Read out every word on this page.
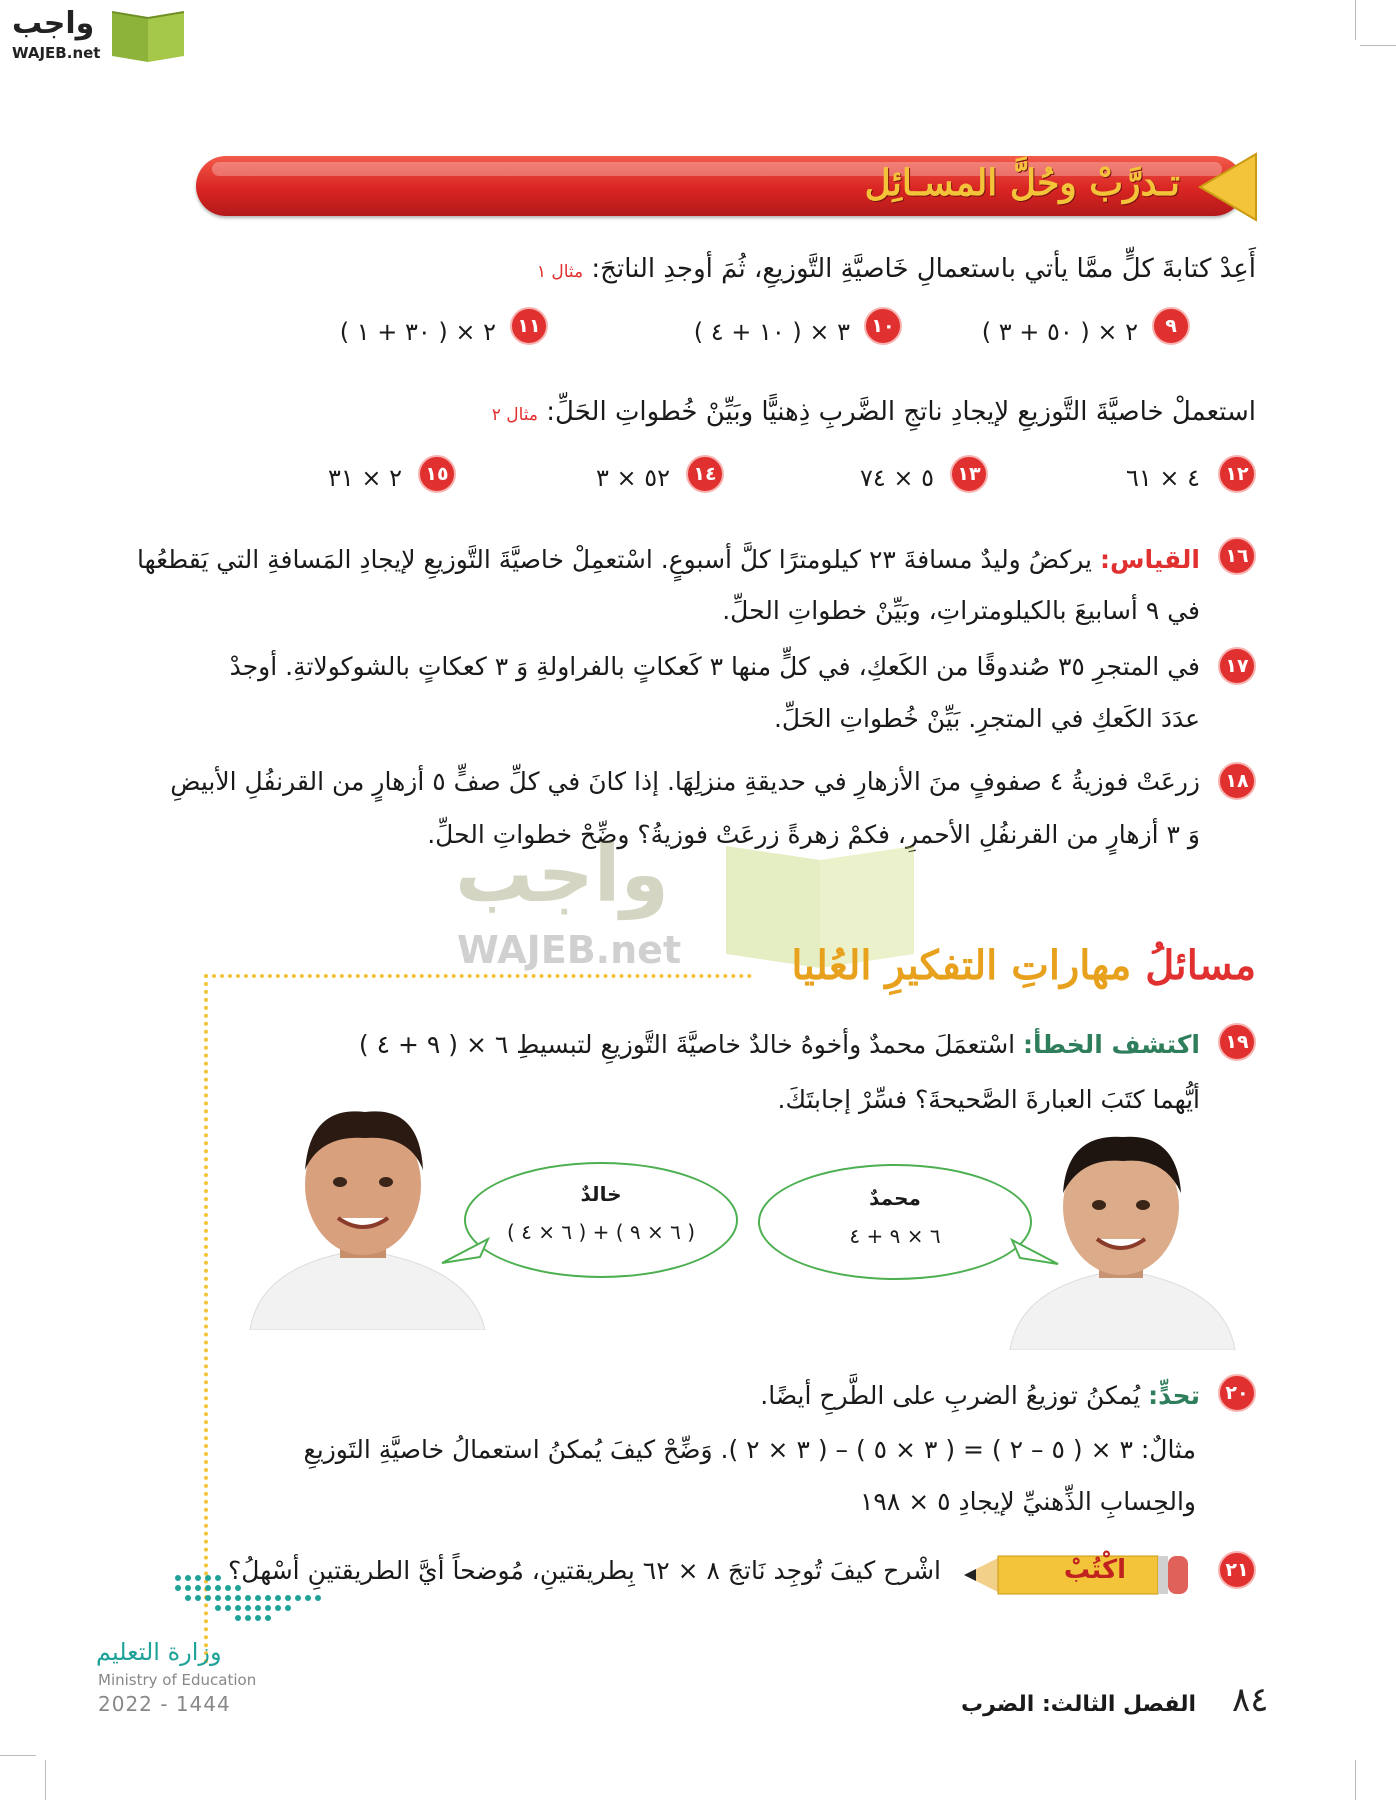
واجب
WAJEB.net
تـدرَّبْ وحُلَّ المسـائِل
أَعِدْ كتابةَ كلٍّ ممَّا يأتي باستعمالِ خَاصيَّةِ التَّوزيعِ، ثُمَ أوجدِ الناتجَ: مثال ١
٩
٢ × ( ٥٠ + ٣ )
١٠
٣ × ( ١٠ + ٤ )
١١
٢ × ( ٣٠ + ١ )
استعملْ خاصيَّةَ التَّوزيعِ لإيجادِ ناتجِ الضَّربِ ذِهنيًّا وبَيِّنْ خُطواتِ الحَلِّ: مثال ٢
١٢
٤ × ٦١
١٣
٥ × ٧٤
١٤
٥٢ × ٣
١٥
٢ × ٣١
١٦
القياس: يركضُ وليدٌ مسافةَ ٢٣ كيلومترًا كلَّ أسبوعٍ. اسْتعمِلْ خاصيَّةَ التَّوزيعِ لإيجادِ المَسافةِ التي يَقطعُها
في ٩ أسابيعَ بالكيلومتراتِ، وبَيِّنْ خطواتِ الحلِّ.
١٧
في المتجرِ ٣٥ صُندوقًا من الكَعكِ، في كلٍّ منها ٣ كَعكاتٍ بالفراولةِ وَ ٣ كعكاتٍ بالشوكولاتةِ. أوجدْ
عدَدَ الكَعكِ في المتجرِ. بَيِّنْ خُطواتِ الحَلِّ.
١٨
زرعَتْ فوزيةُ ٤ صفوفٍ منَ الأزهارِ في حديقةِ منزلِهَا. إذا كانَ في كلِّ صفٍّ ٥ أزهارٍ من القرنفُلِ الأبيضِ
وَ ٣ أزهارٍ من القرنفُلِ الأحمرِ، فكمْ زهرةً زرعَتْ فوزيةُ؟ وضِّحْ خطواتِ الحلِّ.
واجب
WAJEB.net	مسائلُ مهاراتِ التفكيرِ العُليا
١٩
اكتشف الخطأ: اسْتعمَلَ محمدٌ وأخوهُ خالدٌ خاصيَّةَ التَّوزيعِ لتبسيطِ ٦ × ( ٩ + ٤ )
أيُّهما كتَبَ العبارةَ الصَّحيحةَ؟ فسِّرْ إجابتَكَ.
خالدٌ
( ٦ × ٩ ) + ( ٦ × ٤ )
محمدٌ
٦ × ٩ + ٤
٢٠
تحدٍّ: يُمكنُ توزيعُ الضربِ على الطَّرحِ أيضًا.
مثالٌ: ٣ × ( ٥ – ٢ ) = ( ٣ × ٥ ) – ( ٣ × ٢ ). وَضِّحْ كيفَ يُمكنُ استعمالُ خاصيَّةِ التَوزيعِ
والحِسابِ الذِّهنيِّ لإيجادِ ٥ × ١٩٨
٢١
اكْتُبْ
اشْرح كيفَ تُوجِد نَاتجَ ٨ × ٦٢ بِطريقتينِ، مُوضحاً أيَّ الطريقتينِ أسْهلُ؟
وزارة التعليم
Ministry of Education
2022 - 1444	٨٤
الفصل الثالث: الضرب
